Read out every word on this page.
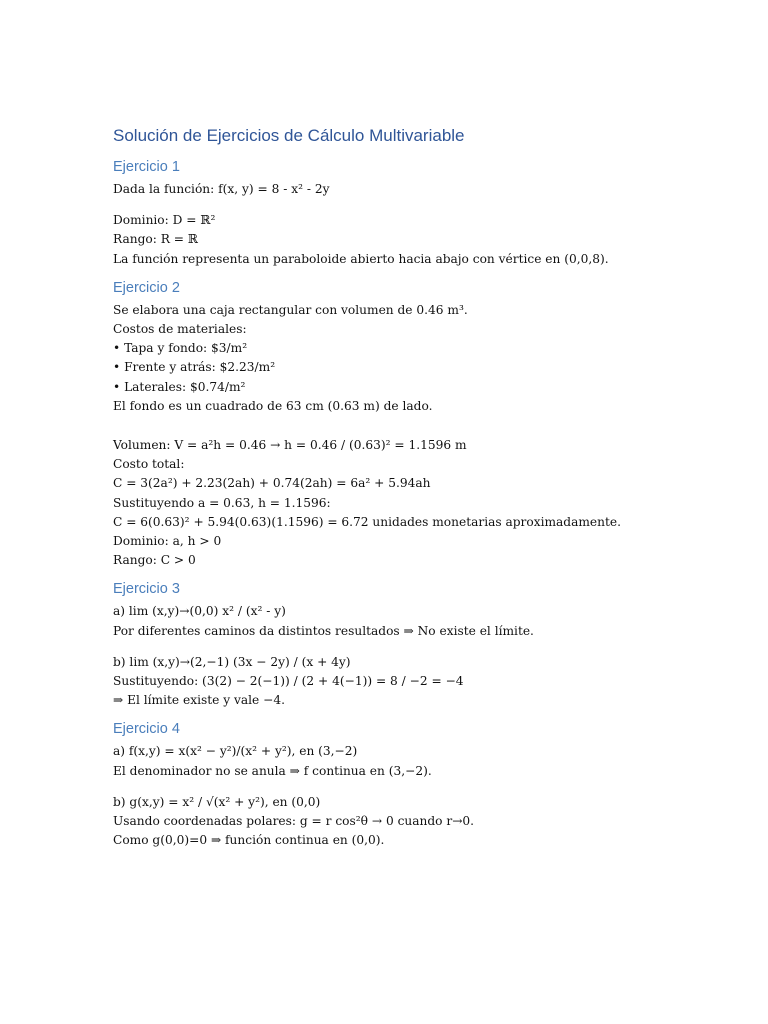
Solución de Ejercicios de Cálculo Multivariable
Ejercicio 1

Dada la función: f(x, y) = 8 - x² - 2y

Dominio: D = ℝ²

Rango: R = ℝ

La función representa un paraboloide abierto hacia abajo con vértice en (0,0,8).

Ejercicio 2

Se elabora una caja rectangular con volumen de 0.46 m³.

Costos de materiales:

• Tapa y fondo: $3/m²

• Frente y atrás: $2.23/m²

• Laterales: $0.74/m²

El fondo es un cuadrado de 63 cm (0.63 m) de lado.

Volumen: V = a²h = 0.46 → h = 0.46 / (0.63)² = 1.1596 m

Costo total:

C = 3(2a²) + 2.23(2ah) + 0.74(2ah) = 6a² + 5.94ah

Sustituyendo a = 0.63, h = 1.1596:

C = 6(0.63)² + 5.94(0.63)(1.1596) = 6.72 unidades monetarias aproximadamente.

Dominio: a, h > 0

Rango: C > 0

Ejercicio 3

a) lim (x,y)→(0,0) x² / (x² - y)

Por diferentes caminos da distintos resultados ⇒ No existe el límite.

b) lim (x,y)→(2,−1) (3x − 2y) / (x + 4y)

Sustituyendo: (3(2) − 2(−1)) / (2 + 4(−1)) = 8 / −2 = −4

⇒ El límite existe y vale −4.

Ejercicio 4

a) f(x,y) = x(x² − y²)/(x² + y²), en (3,−2)

El denominador no se anula ⇒ f continua en (3,−2).

b) g(x,y) = x² / √(x² + y²), en (0,0)

Usando coordenadas polares: g = r cos²θ → 0 cuando r→0.

Como g(0,0)=0 ⇒ función continua en (0,0).
